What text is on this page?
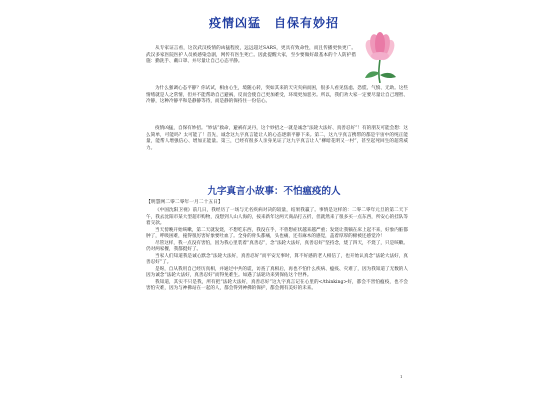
疫情凶猛　自保有妙招

从专家证言看，这次武汉疫情的凶猛程度，远远超过SARS，更具有致命性，而且传播更快更广。武汉多家医院医护人员被感染急剧，网传有医生死亡。因此提醒大家，至少要做好最基本的个人防护措施：勤洗手、戴口罩、并尽量让自己心态平静。

为什么强调心态平静？你试试，相由心生，境随心转，突如其来的天灾夹病而困，很多人看见焦虑、恐慌、气愤、无助。这些情绪就是人之常情，但并不能帮助自己避祸，反而会使自己更加难受，环境更加恶劣。所以，我们劝大家一定要尽量让自己理智、冷静，这种冷静平和是静静等待，而是静的保持住一份信心。

疫情凶猛，自保有妙招。“妙法”救命，避祸有灵丹，这个妙招之一就是诚念“法轮大法好、真善忍好”！有的朋友可能会想：这么简单，可能吗？太可能了！首先，诚念这九字真言能让人的心态逐渐平静下来。第二，这九字真言携带的都是宇宙中的纯正能量，能帮人增强信心、增加正能量。第三，已经有很多人亲身见证了这九字真言让人“柳暗花明又一村”，甚至起死回生的超常威力。

九字真言小故事：不怕瘟疫的人
【明慧网二零二零年一月二十五日】

《中国沈阳卫视》前几日，我经历了一场与无名疾病对决的较量，结果我赢了。事情是这样的：二零二零年元旦的第二天下午，我去沈阳市某大型超市购物，没想到人山人海的，按来新年这两天商品打五折，但就然来了很多买一点东西，所安心的挂队等着交款。

当天傍晚开始咳嗽，第二天就发烧，不想吃东西，我没在乎，不曾想症状越来越严重；发烧让我躺在床上起不来，好象内脏都肿了，呼吸困难，拖得很厉害好象要吐血了。全身的骨头都痛，头也痛，还有麻木的感觉，盖着厚厚的棉被还感觉冷！

尽管这样，我一点没有害怕，因为我心里装着“真善忍”，念“法轮大法好，真善忍好”坚持念，烧了四天，不烧了，只是咳嗽。仍对两家餐，我都挺好了。

当家人们知道我是诚心默念“法轮大法好，真善忍好”而平安无事时，算不好感的老人相信了，也开始认真念“法轮大法好，真善忍好”了。

是呀，自从我用自己经历真相，并通过中共的谎，访查了真相后，再也不怕什么疾病、瘟疫、灾难了，因为我知道了无数的人因为诚念“法轮大法好，真善忍好”而得免难生。如遇了法轮功来到保佑这个世界。

我知道，其实不只是我，所有把“法轮大法好，真善忍好”这九字真言记在心里的</thinking>好，都会不害怕瘟疫，也不会害怕灾难，因为与神佛站在一起的人，都会得到神佛的保护，都会拥有美好的未来。

1
